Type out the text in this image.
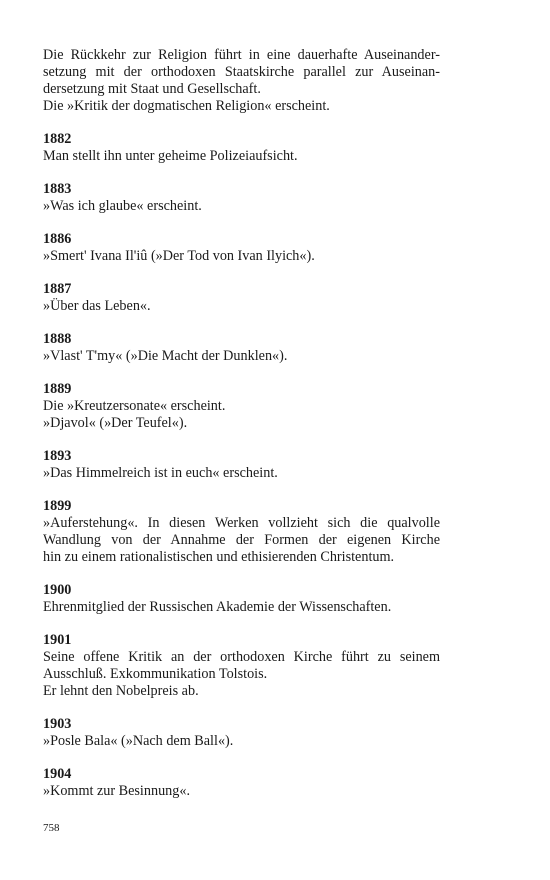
Die Rückkehr zur Religion führt in eine dauerhafte Auseinander-

setzung mit der orthodoxen Staatskirche parallel zur Auseinan-

dersetzung mit Staat und Gesellschaft.

Die »Kritik der dogmatischen Religion« erscheint.

1882

Man stellt ihn unter geheime Polizeiaufsicht.

1883

»Was ich glaube« erscheint.

1886

»Smert' Ivana Il'iû (»Der Tod von Ivan Ilyich«).

1887

»Über das Leben«.

1888

»Vlast' T'my« (»Die Macht der Dunklen«).

1889

Die »Kreutzersonate« erscheint.

»Djavol« (»Der Teufel«).

1893

»Das Himmelreich ist in euch« erscheint.

1899

»Auferstehung«. In diesen Werken vollzieht sich die qualvolle

Wandlung von der Annahme der Formen der eigenen Kirche

hin zu einem rationalistischen und ethisierenden Christentum.

1900

Ehrenmitglied der Russischen Akademie der Wissenschaften.

1901

Seine offene Kritik an der orthodoxen Kirche führt zu seinem

Ausschluß. Exkommunikation Tolstois.

Er lehnt den Nobelpreis ab.

1903

»Posle Bala« (»Nach dem Ball«).

1904

»Kommt zur Besinnung«.

758
